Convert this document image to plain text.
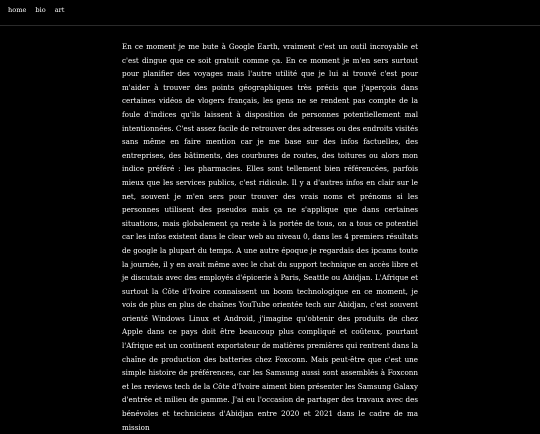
home bio art

En ce moment je me bute à Google Earth, vraiment c'est un outil incroyable et c'est dingue que ce soit gratuit comme ça. En ce moment je m'en sers surtout pour planifier des voyages mais l'autre utilité que je lui ai trouvé c'est pour m'aider à trouver des points géographiques très précis que j'aperçois dans certaines vidéos de vlogers français, les gens ne se rendent pas compte de la foule d'indices qu'ils laissent à disposition de personnes potentiellement mal intentionnées. C'est assez facile de retrouver des adresses ou des endroits visités sans même en faire mention car je me base sur des infos factuelles, des entreprises, des bâtiments, des courbures de routes, des toitures ou alors mon indice préféré : les pharmacies. Elles sont tellement bien référencées, parfois mieux que les services publics, c'est ridicule. Il y a d'autres infos en clair sur le net, souvent je m'en sers pour trouver des vrais noms et prénoms si les personnes utilisent des pseudos mais ça ne s'applique que dans certaines situations, mais globalement ça reste à la portée de tous, on a tous ce potentiel car les infos existent dans le clear web au niveau 0, dans les 4 premiers résultats de google la plupart du temps. A une autre époque je regardais des ipcams toute la journée, il y en avait même avec le chat du support technique en accès libre et je discutais avec des employés d'épicerie à Paris, Seattle ou Abidjan. L'Afrique et surtout la Côte d'Ivoire connaissent un boom technologique en ce moment, je vois de plus en plus de chaînes YouTube orientée tech sur Abidjan, c'est souvent orienté Windows Linux et Android, j'imagine qu'obtenir des produits de chez Apple dans ce pays doit être beaucoup plus compliqué et coûteux, pourtant l'Afrique est un continent exportateur de matières premières qui rentrent dans la chaîne de production des batteries chez Foxconn. Mais peut-être que c'est une simple histoire de préférences, car les Samsung aussi sont assemblés à Foxconn et les reviews tech de la Côte d'Ivoire aiment bien présenter les Samsung Galaxy d'entrée et milieu de gamme. J'ai eu l'occasion de partager des travaux avec des bénévoles et techniciens d'Abidjan entre 2020 et 2021 dans le cadre de ma mission
